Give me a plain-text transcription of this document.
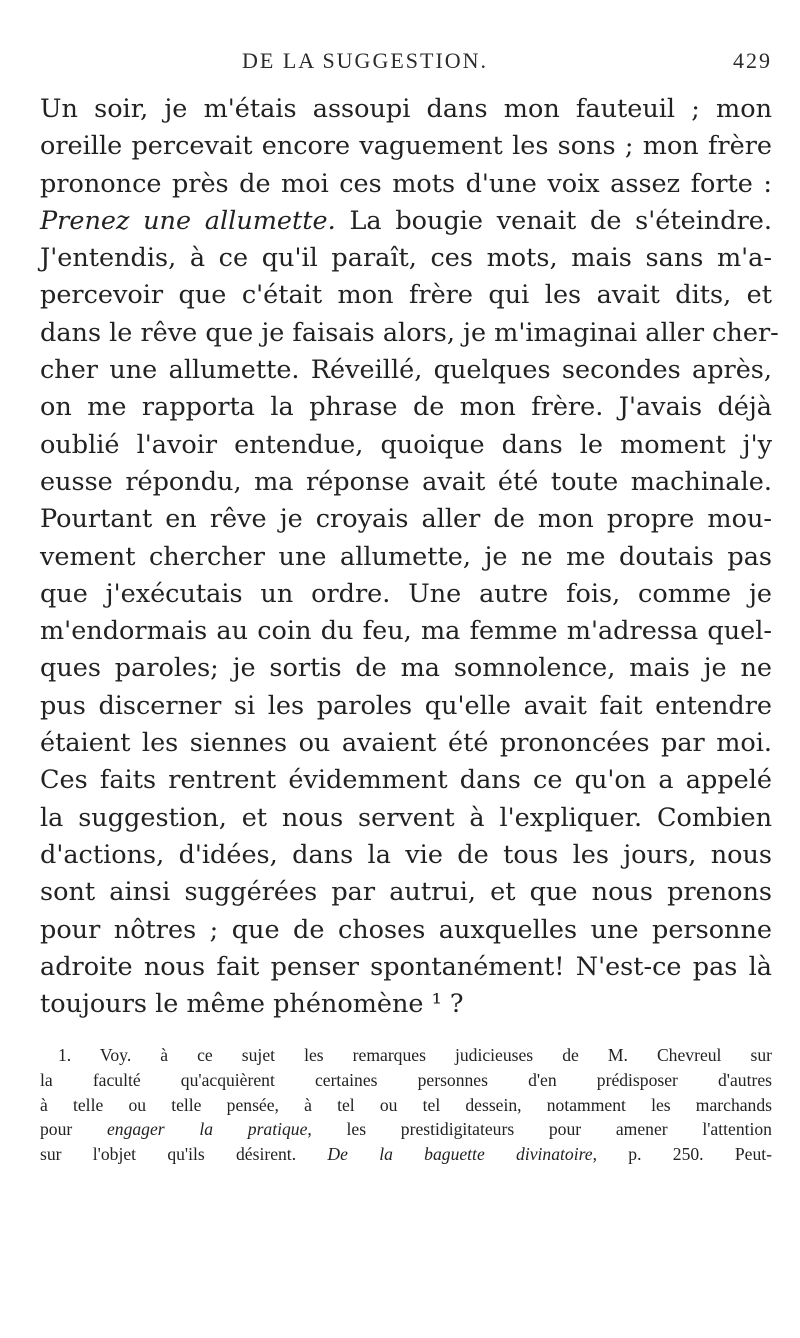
DE LA SUGGESTION.	429
Un soir, je m'étais assoupi dans mon fauteuil ; mon
oreille percevait encore vaguement les sons ; mon frère
prononce près de moi ces mots d'une voix assez forte :
Prenez une allumette. La bougie venait de s'éteindre.
J'entendis, à ce qu'il paraît, ces mots, mais sans m'a-
percevoir que c'était mon frère qui les avait dits, et
dans le rêve que je faisais alors, je m'imaginai aller cher-
cher une allumette. Réveillé, quelques secondes après,
on me rapporta la phrase de mon frère. J'avais déjà
oublié l'avoir entendue, quoique dans le moment j'y
eusse répondu, ma réponse avait été toute machinale.
Pourtant en rêve je croyais aller de mon propre mou-
vement chercher une allumette, je ne me doutais pas
que j'exécutais un ordre. Une autre fois, comme je
m'endormais au coin du feu, ma femme m'adressa quel-
ques paroles; je sortis de ma somnolence, mais je ne
pus discerner si les paroles qu'elle avait fait entendre
étaient les siennes ou avaient été prononcées par moi.
Ces faits rentrent évidemment dans ce qu'on a appelé
la suggestion, et nous servent à l'expliquer. Combien
d'actions, d'idées, dans la vie de tous les jours, nous
sont ainsi suggérées par autrui, et que nous prenons
pour nôtres ; que de choses auxquelles une personne
adroite nous fait penser spontanément! N'est-ce pas là
toujours le même phénomène ¹ ?
1. Voy. à ce sujet les remarques judicieuses de M. Chevreul sur
la faculté qu'acquièrent certaines personnes d'en prédisposer d'autres
à telle ou telle pensée, à tel ou tel dessein, notamment les marchands
pour engager la pratique, les prestidigitateurs pour amener l'attention
sur l'objet qu'ils désirent. De la baguette divinatoire, p. 250. Peut-
